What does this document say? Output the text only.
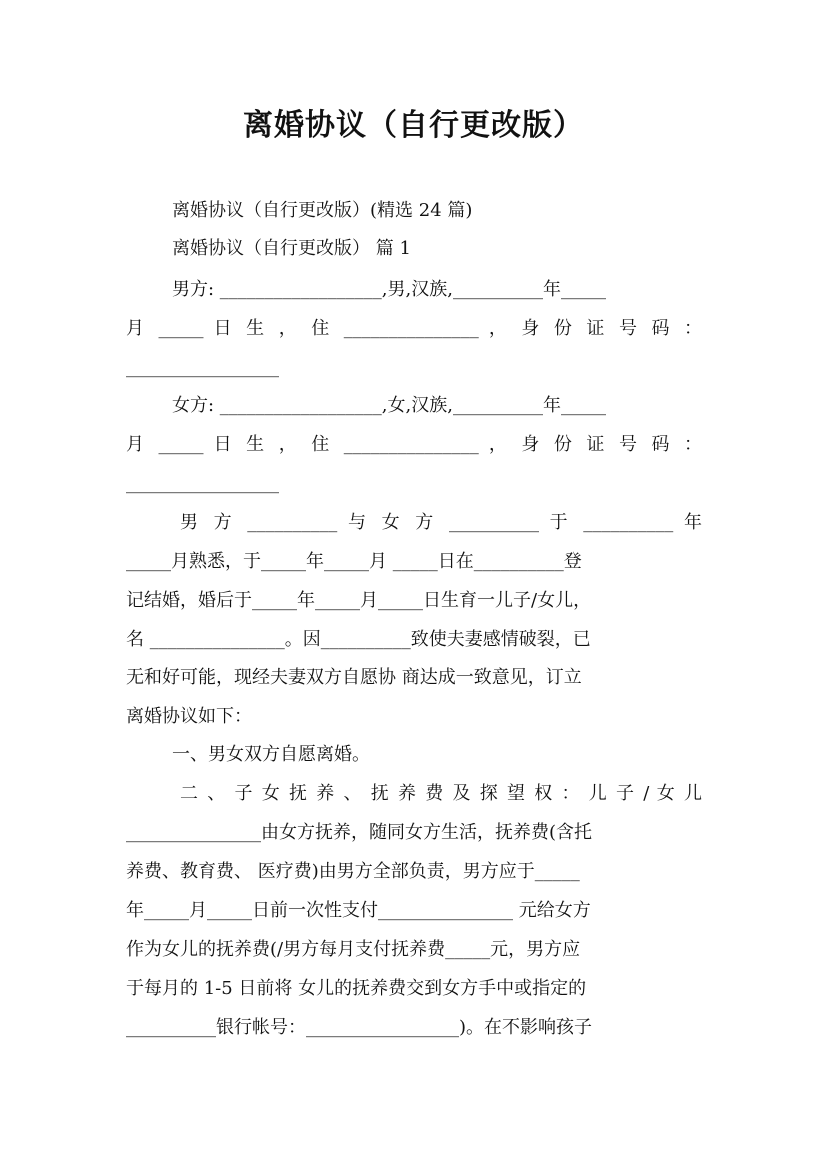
离婚协议（自行更改版）
离婚协议（自行更改版）(精选 24 篇)
离婚协议（自行更改版） 篇 1
男方: __________________,男,汉族,__________年_____
月 _____ 日 生 ， 住 _______________ ， 身 份 证 号 码 ：
_________________
女方: __________________,女,汉族,__________年_____
月 _____ 日 生 ， 住 _______________ ， 身 份 证 号 码 ：
_________________
男 方 __________ 与 女 方 __________ 于 __________ 年
_____月熟悉，于_____年_____月 _____日在__________登
记结婚，婚后于_____年_____月_____日生育一儿子/女儿，
名 _______________。因__________致使夫妻感情破裂，已
无和好可能，现经夫妻双方自愿协 商达成一致意见，订立
离婚协议如下：
一、男女双方自愿离婚。
二 、 子 女 抚 养 、 抚 养 费 及 探 望 权 ： 儿 子 / 女 儿
_______________由女方抚养，随同女方生活，抚养费(含托
养费、教育费、 医疗费)由男方全部负责，男方应于_____
年_____月_____日前一次性支付_______________ 元给女方
作为女儿的抚养费(/男方每月支付抚养费_____元，男方应
于每月的 1-5 日前将 女儿的抚养费交到女方手中或指定的
__________银行帐号：_________________)。在不影响孩子
